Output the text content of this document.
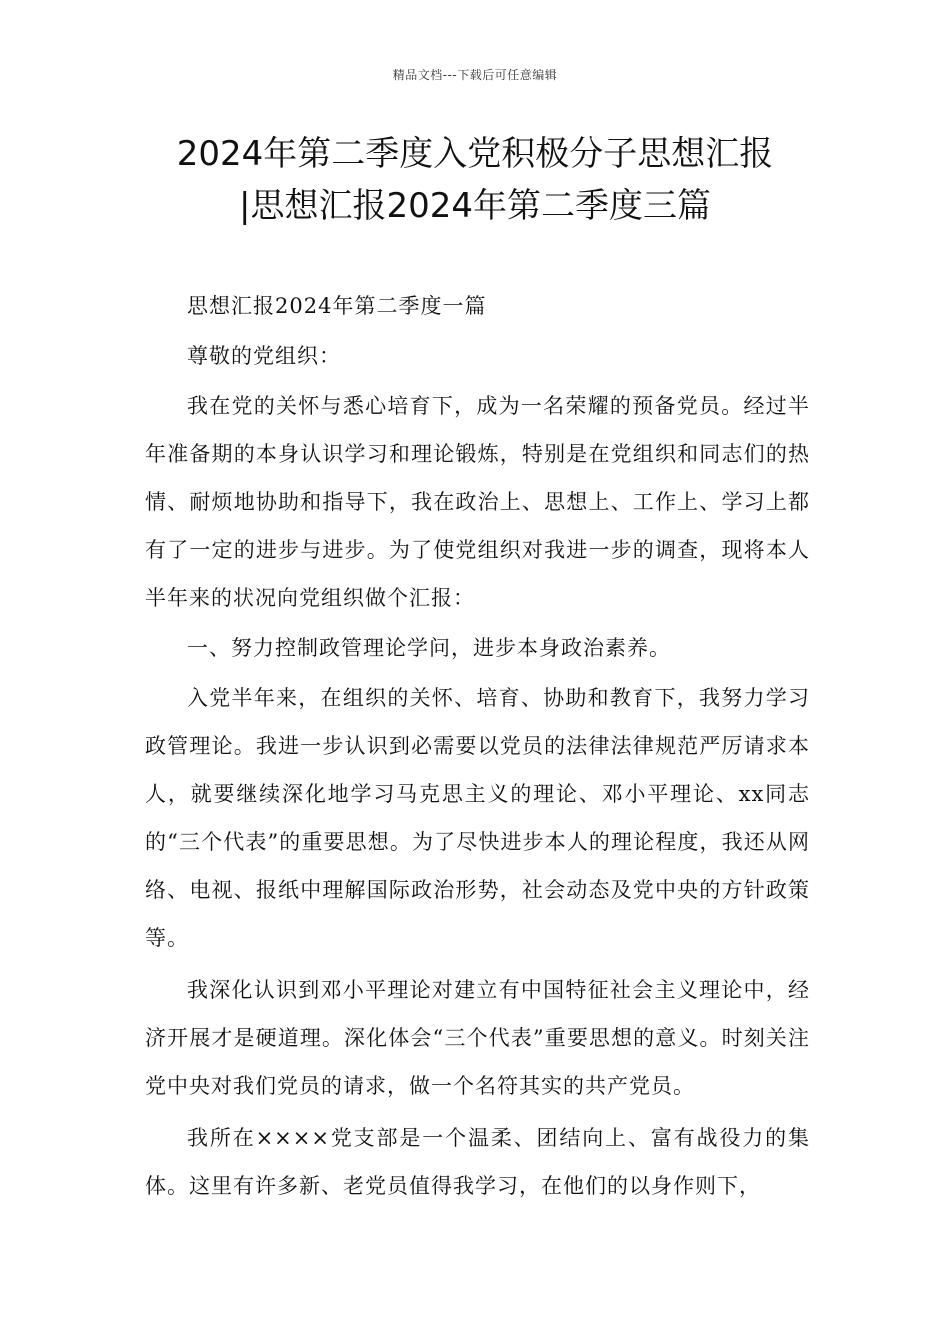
精品文档---下载后可任意编辑
2024年第二季度入党积极分子思想汇报
|思想汇报2024年第二季度三篇

思想汇报2024年第二季度一篇

尊敬的党组织：

我在党的关怀与悉心培育下，成为一名荣耀的预备党员。经过半年准备期的本身认识学习和理论锻炼，特别是在党组织和同志们的热情、耐烦地协助和指导下，我在政治上、思想上、工作上、学习上都有了一定的进步与进步。为了使党组织对我进一步的调查，现将本人半年来的状况向党组织做个汇报：

一、努力控制政管理论学问，进步本身政治素养。

入党半年来，在组织的关怀、培育、协助和教育下，我努力学习政管理论。我进一步认识到必需要以党员的法律法律规范严厉请求本人，就要继续深化地学习马克思主义的理论、邓小平理论、xx同志的“三个代表”的重要思想。为了尽快进步本人的理论程度，我还从网络、电视、报纸中理解国际政治形势，社会动态及党中央的方针政策等。

我深化认识到邓小平理论对建立有中国特征社会主义理论中，经济开展才是硬道理。深化体会“三个代表”重要思想的意义。时刻关注党中央对我们党员的请求，做一个名符其实的共产党员。

我所在××××党支部是一个温柔、团结向上、富有战役力的集体。这里有许多新、老党员值得我学习，在他们的以身作则下，
